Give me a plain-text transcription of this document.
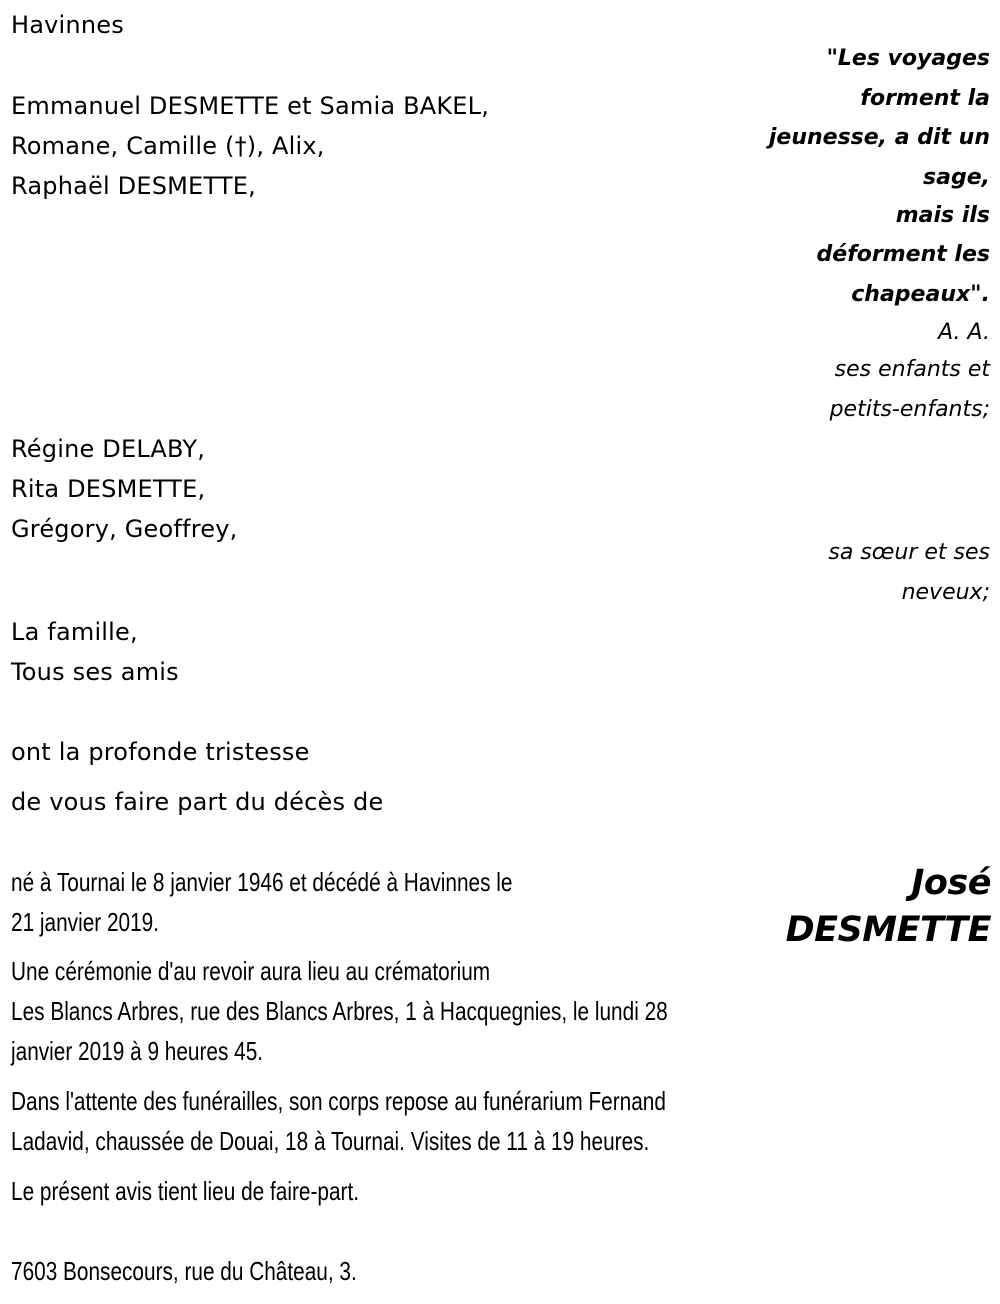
Havinnes
Emmanuel DESMETTE et Samia BAKEL,
Romane, Camille (†), Alix,
Raphaël DESMETTE,
"Les voyages
forment la
jeunesse, a dit un
sage,
mais ils
déforment les
chapeaux".
A. A.
ses enfants et
petits-enfants;
Régine DELABY,
Rita DESMETTE,
Grégory, Geoffrey,
sa sœur et ses
neveux;
La famille,
Tous ses amis
ont la profonde tristesse
de vous faire part du décès de
José
DESMETTE
né à Tournai le 8 janvier 1946 et décédé à Havinnes le
21 janvier 2019.
Une cérémonie d'au revoir aura lieu au crématorium
Les Blancs Arbres, rue des Blancs Arbres, 1 à Hacquegnies, le lundi 28
janvier 2019 à 9 heures 45.
Dans l'attente des funérailles, son corps repose au funérarium Fernand
Ladavid, chaussée de Douai, 18 à Tournai. Visites de 11 à 19 heures.
Le présent avis tient lieu de faire-part.
7603 Bonsecours, rue du Château, 3.
